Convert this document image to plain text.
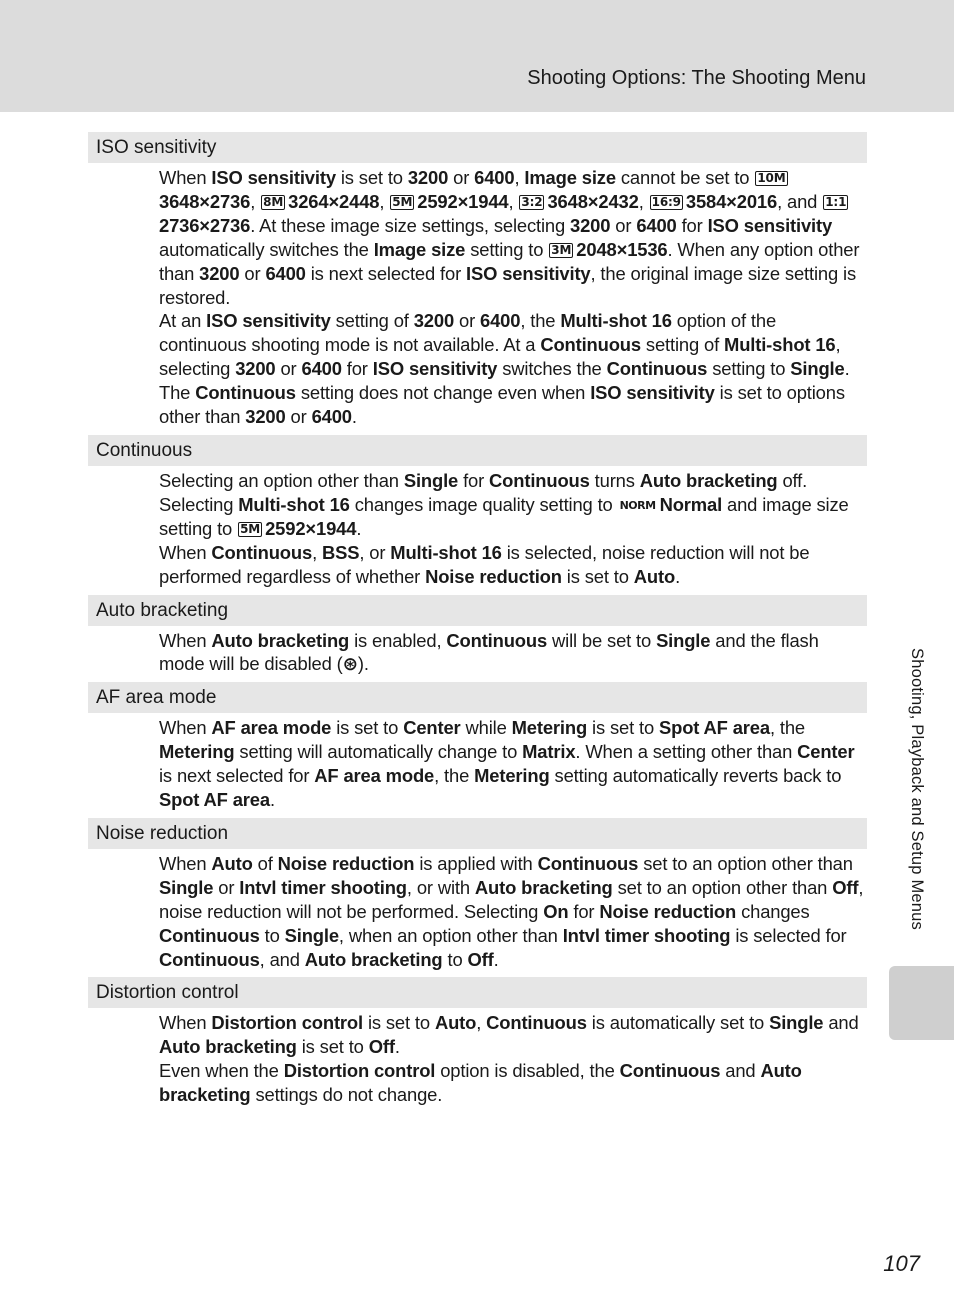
Shooting Options: The Shooting Menu
ISO sensitivity

When ISO sensitivity is set to 3200 or 6400, Image size cannot be set to 10M3648×2736, 8M 3264×2448, 5M 2592×1944, 3:2 3648×2432, 16:9 3584×2016, and 1:12736×2736. At these image size settings, selecting 3200 or 6400 for ISO sensitivity automatically switches the Image size setting to 3M 2048×1536. When any option other than 3200 or 6400 is next selected for ISO sensitivity, the original image size setting is restored.

At an ISO sensitivity setting of 3200 or 6400, the Multi-shot 16 option of the continuous shooting mode is not available. At a Continuous setting of Multi-shot 16, selecting 3200 or 6400 for ISO sensitivity switches the Continuous setting to Single. The Continuous setting does not change even when ISO sensitivity is set to options other than 3200 or 6400.

Continuous

Selecting an option other than Single for Continuous turns Auto bracketing off. Selecting Multi-shot 16 changes image quality setting to NORM Normal and image size setting to 5M 2592×1944.

When Continuous, BSS, or Multi-shot 16 is selected, noise reduction will not be performed regardless of whether Noise reduction is set to Auto.

Auto bracketing

When Auto bracketing is enabled, Continuous will be set to Single and the flash mode will be disabled (⊛).

AF area mode

When AF area mode is set to Center while Metering is set to Spot AF area, the Metering setting will automatically change to Matrix. When a setting other than Center is next selected for AF area mode, the Metering setting automatically reverts back to Spot AF area.

Noise reduction

When Auto of Noise reduction is applied with Continuous set to an option other than Single or Intvl timer shooting, or with Auto bracketing set to an option other than Off, noise reduction will not be performed. Selecting On for Noise reduction changes Continuous to Single, when an option other than Intvl timer shooting is selected for Continuous, and Auto bracketing to Off.

Distortion control

When Distortion control is set to Auto, Continuous is automatically set to Single and Auto bracketing is set to Off.

Even when the Distortion control option is disabled, the Continuous and Auto bracketing settings do not change.

Shooting, Playback and Setup Menus
107
